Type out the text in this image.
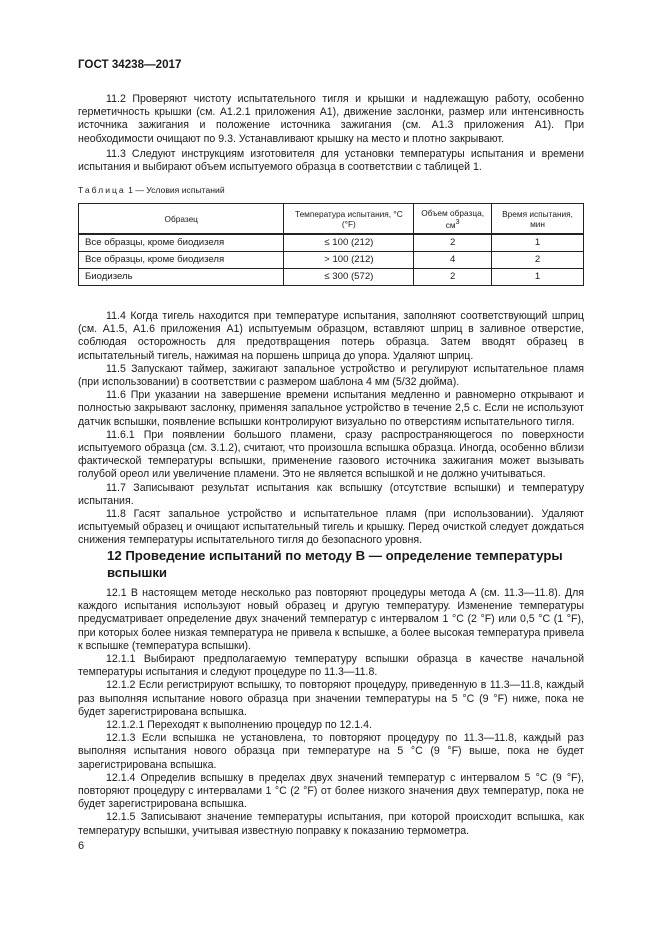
ГОСТ 34238—2017

11.2 Проверяют чистоту испытательного тигля и крышки и надлежащую работу, особенно герметичность крышки (см. А1.2.1 приложения А1), движение заслонки, размер или интенсивность источника зажигания и положение источника зажигания (см. А1.3 приложения А1). При необходимости очищают по 9.3. Устанавливают крышку на место и плотно закрывают.

11.3 Следуют инструкциям изготовителя для установки температуры испытания и времени испытания и выбирают объем испытуемого образца в соответствии с таблицей 1.

Таблица 1 — Условия испытаний
Образец	Температура испытания, °С (°F)	Объем образца, $см^3$	Время испытания, мин
Все образцы, кроме биодизеля	≤ 100 (212)	2	1
Все образцы, кроме биодизеля	> 100 (212)	4	2
Биодизель	≤ 300 (572)	2	1

11.4 Когда тигель находится при температуре испытания, заполняют соответствующий шприц (см. А1.5, А1.6 приложения А1) испытуемым образцом, вставляют шприц в заливное отверстие, соблюдая осторожность для предотвращения потерь образца. Затем вводят образец в испытательный тигель, нажимая на поршень шприца до упора. Удаляют шприц.

11.5 Запускают таймер, зажигают запальное устройство и регулируют испытательное пламя (при использовании) в соответствии с размером шаблона 4 мм (5/32 дюйма).

11.6 При указании на завершение времени испытания медленно и равномерно открывают и полностью закрывают заслонку, применяя запальное устройство в течение 2,5 с. Если не используют датчик вспышки, появление вспышки контролируют визуально по отверстиям испытательного тигля.

11.6.1 При появлении большого пламени, сразу распространяющегося по поверхности испытуемого образца (см. 3.1.2), считают, что произошла вспышка образца. Иногда, особенно вблизи фактической температуры вспышки, применение газового источника зажигания может вызывать голубой ореол или увеличение пламени. Это не является вспышкой и не должно учитываться.

11.7 Записывают результат испытания как вспышку (отсутствие вспышки) и температуру испытания.

11.8 Гасят запальное устройство и испытательное пламя (при использовании). Удаляют испытуемый образец и очищают испытательный тигель и крышку. Перед очисткой следует дождаться снижения температуры испытательного тигля до безопасного уровня.

12 Проведение испытаний по методу В — определение температуры вспышки

12.1 В настоящем методе несколько раз повторяют процедуры метода А (см. 11.3—11.8). Для каждого испытания используют новый образец и другую температуру. Изменение температуры предусматривает определение двух значений температур с интервалом 1 °С (2 °F) или 0,5 °С (1 °F), при которых более низкая температура не привела к вспышке, а более высокая температура привела к вспышке (температура вспышки).

12.1.1 Выбирают предполагаемую температуру вспышки образца в качестве начальной температуры испытания и следуют процедуре по 11.3—11.8.

12.1.2 Если регистрируют вспышку, то повторяют процедуру, приведенную в 11.3—11.8, каждый раз выполняя испытание нового образца при значении температуры на 5 °С (9 °F) ниже, пока не будет зарегистрирована вспышка.

12.1.2.1 Переходят к выполнению процедур по 12.1.4.

12.1.3 Если вспышка не установлена, то повторяют процедуру по 11.3—11.8, каждый раз выполняя испытания нового образца при температуре на 5 °С (9 °F) выше, пока не будет зарегистрирована вспышка.

12.1.4 Определив вспышку в пределах двух значений температур с интервалом 5 °С (9 °F), повторяют процедуру с интервалами 1 °С (2 °F) от более низкого значения двух температур, пока не будет зарегистрирована вспышка.

12.1.5 Записывают значение температуры испытания, при которой происходит вспышка, как температуру вспышки, учитывая известную поправку к показанию термометра.

6
